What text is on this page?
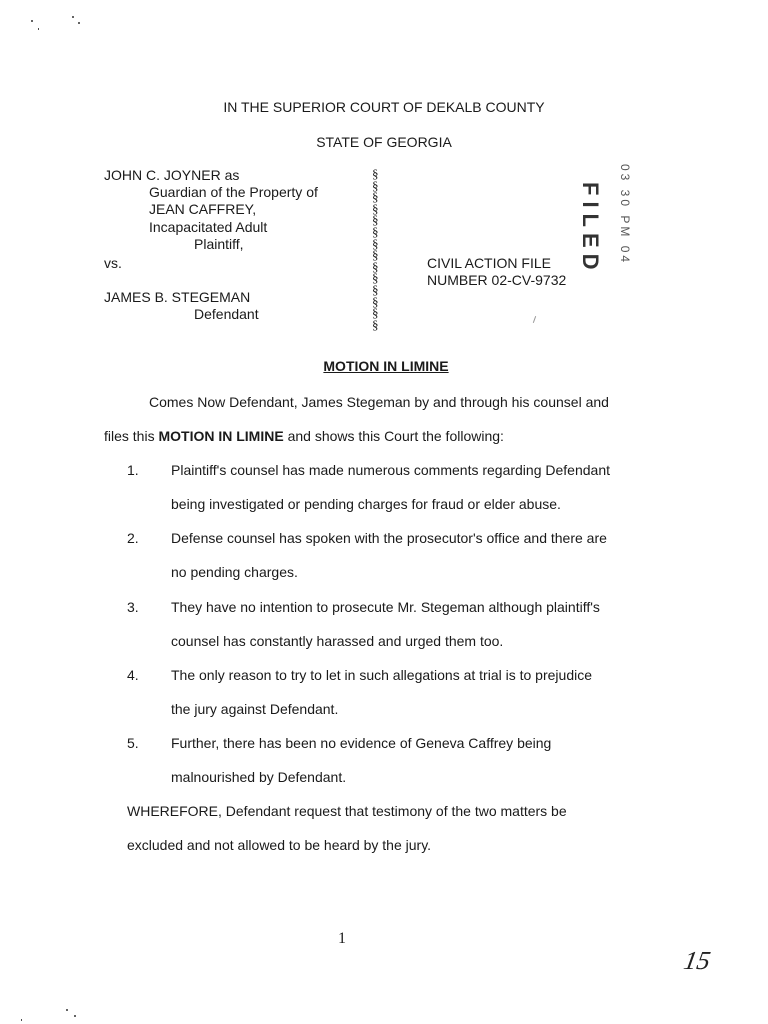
IN THE SUPERIOR COURT OF DEKALB COUNTY
STATE OF GEORGIA
JOHN C. JOYNER as
Guardian of the Property of
JEAN CAFFREY,
Incapacitated Adult
Plaintiff,
vs.
JAMES B. STEGEMAN
Defendant
§
§
§
§
§
§
§
§
§
§
§
§
§
§
CIVIL ACTION FILE
NUMBER 02-CV-9732
FILED 03 30 PM 04
MOTION IN LIMINE
Comes Now Defendant, James Stegeman by and through his counsel and
files this MOTION IN LIMINE and shows this Court the following:
1. Plaintiff's counsel has made numerous comments regarding Defendant
being investigated or pending charges for fraud or elder abuse.
2. Defense counsel has spoken with the prosecutor's office and there are
no pending charges.
3. They have no intention to prosecute Mr. Stegeman although plaintiff's
counsel has constantly harassed and urged them too.
4. The only reason to try to let in such allegations at trial is to prejudice
the jury against Defendant.
5. Further, there has been no evidence of Geneva Caffrey being
malnourished by Defendant.
WHEREFORE, Defendant request that testimony of the two matters be
excluded and not allowed to be heard by the jury.
1
15
